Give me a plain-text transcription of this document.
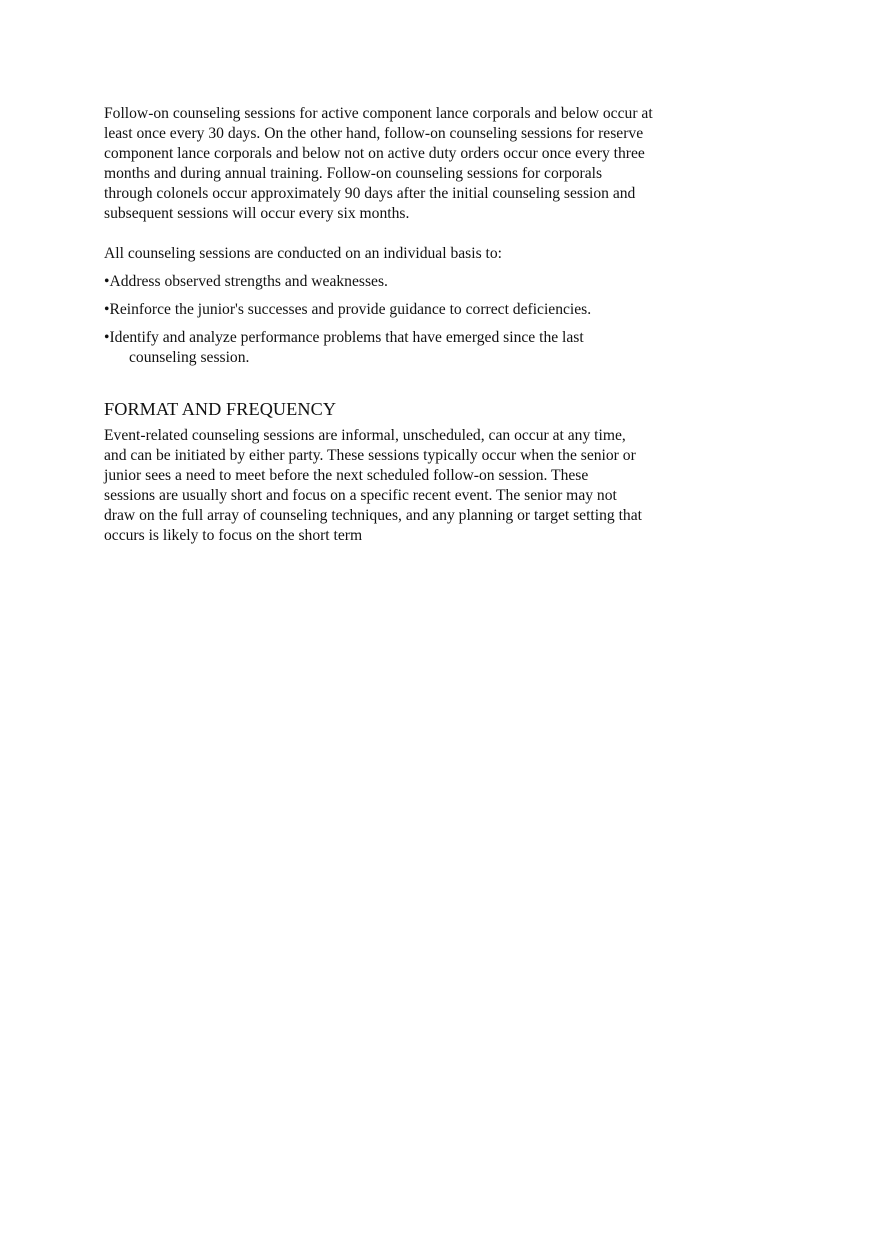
Follow-on counseling sessions for active component lance corporals and below occur at
least once every 30 days. On the other hand, follow-on counseling sessions for reserve
component lance corporals and below not on active duty orders occur once every three
months and during annual training. Follow-on counseling sessions for corporals
through colonels occur approximately 90 days after the initial counseling session and
subsequent sessions will occur every six months.

All counseling sessions are conducted on an individual basis to:

•Address observed strengths and weaknesses.
•Reinforce the junior's successes and provide guidance to correct deficiencies.
•Identify and analyze performance problems that have emerged since the last
counseling session.
FORMAT AND FREQUENCY

Event-related counseling sessions are informal, unscheduled, can occur at any time,
and can be initiated by either party. These sessions typically occur when the senior or
junior sees a need to meet before the next scheduled follow-on session. These
sessions are usually short and focus on a specific recent event. The senior may not
draw on the full array of counseling techniques, and any planning or target setting that
occurs is likely to focus on the short term
